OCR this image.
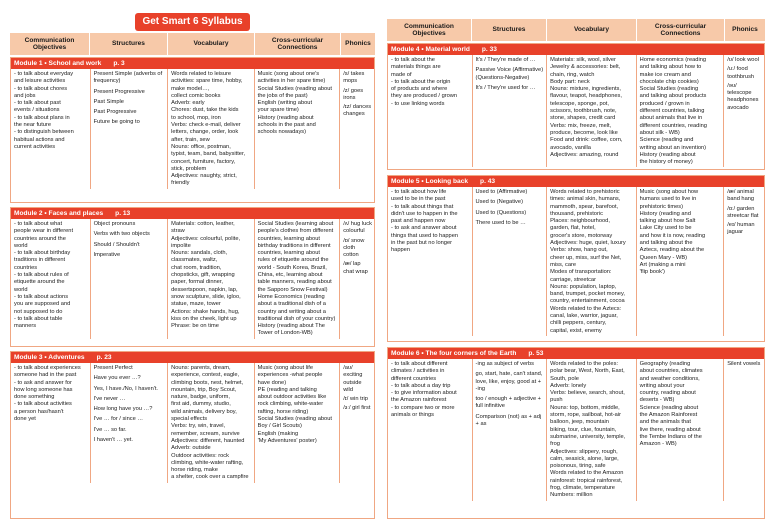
Get Smart 6 Syllabus
Communication Objectives
Structures	Vocabulary
Cross-curricular Connections
Phonics
Module 1 • School and work p. 3
- to talk about everyday
and leisure activities
- to talk about chores
and jobs
- to talk about past
events / situations
- to talk about plans in
the near future
- to distinguish between
habitual actions and
current activities
Present Simple (adverbs of frequency)
Present Progressive
Past Simple
Past Progressive
Future be going to
Words related to leisure activities: spare time, hobby, make model…,
collect comic books
Adverb: early
Chores: dust, take the kids
to school, mop, iron
Verbs: check e-mail, deliver
letters, change, order, look
after, train, sew
Nouns: office, postman,
typist, team, band, babysitter,
concert, furniture, factory,
stick, problem
Adjectives: naughty, strict,
friendly
Music (song about one's
activities in her spare time)
Social Studies (reading about
the jobs of the past)
English (writing about
your spare time)
History (reading about
schools in the past and
schools nowadays)
/s/ takes mops
/z/ goes irons
/ɪz/ dances changes
Module 2 • Faces and places p. 13
- to talk about what
people wear in different
countries around the
world
- to talk about birthday
traditions in different
countries
- to talk about rules of
etiquette around the
world
- to talk about actions
you are supposed and
not supposed to do
- to talk about table
manners
Object pronouns
Verbs with two objects
Should / Shouldn't
Imperative
Materials: cotton, leather,
straw
Adjectives: colourful, polite,
impolite
Nouns: sandals, cloth,
classmates, waltz,
chat room, tradition,
chopsticks, gift, wrapping
paper, formal dinner,
dessertspoon, napkin, lap,
snow sculpture, slide, igloo,
statue, maze, tower
Actions: shake hands, hug,
kiss on the cheek, light up
Phrase: be on time
Social Studies (learning about
people's clothes from different
countries, learning about
birthday traditions in different
countries, learning about
rules of etiquette around the
world - South Korea, Brazil,
China, etc, learning about
table manners, reading about
the Sapporo Snow Festival)
Home Economics (reading
about a traditional dish of a
country and writing about a
traditional dish of your country)
History (reading about The
Tower of London-WB)
/ʌ/ hug luck colourful
/ɒ/ snow cloth cotton
/æ/ lap chat wrap
Module 3 • Adventures p. 23
- to talk about experiences
someone had in the past
- to ask and answer for
how long someone has
done something
- to talk about activities
a person has/hasn't
done yet
Present Perfect
Have you ever …?
Yes, I have./No, I haven't.
I've never …
How long have you …?
I've … for / since …
I've … so far.
I haven't … yet.
Nouns: parents, dream,
experience, contest, eagle,
climbing boots, nest, helmet,
mountain, trip, Boy Scout,
nature, badge, uniform,
first aid, dummy, studio,
wild animals, delivery boy,
special effects
Verbs: try, win, travel,
remember, scream, survive
Adjectives: different, haunted
Adverb: outside
Outdoor activities: rock
climbing, white-water rafting,
horse riding, make
a shelter, cook over a campfire
Music (song about life
experiences -what people
have done)
PE (reading and talking
about outdoor activities like
rock climbing, white-water
rafting, horse riding)
Social Studies (reading about
Boy / Girl Scouts)
English (making
'My Adventures' poster)
/aʊ/ exciting outside wild
/ɪ/ win trip
/ɜː/ girl first
Communication Objectives
Structures	Vocabulary
Cross-curricular Connections
Phonics
Module 4 • Material world p. 33
- to talk about the
materials things are
made of
- to talk about the origin
of products and where
they are produced / grown
- to use linking words
It's / They're made of …
Passive Voice (Affirmative) (Questions-Negative)
It's / They're used for …
Materials: silk, wool, silver
Jewelry & accessories: belt,
chain, ring, watch
Body part: neck
Nouns: mixture, ingredients,
flavour, teapot, headphones,
telescope, sponge, pot,
scissors, toothbrush, note,
stone, shapes, credit card
Verbs: mix, freeze, melt,
produce, become, look like
Food and drink: coffee, corn,
avocado, vanilla
Adjectives: amazing, round
Home economics (reading
and talking about how to
make ice cream and
chocolate chip cookies)
Social Studies (reading
and talking about products
produced / grown in
different countries, talking
about animals that live in
different countries, reading
about silk - WB)
Science (reading and
writing about an invention)
History (reading about
the history of money)
/ʊ/ look wool
/uː/ food toothbrush
/əʊ/ telescope headphones avocado
Module 5 • Looking back p. 43
- to talk about how life
used to be in the past
- to talk about things that
didn't use to happen in the
past and happen now
- to ask and answer about
things that used to happen
in the past but no longer
happen
Used to (Affirmative)
Used to (Negative)
Used to (Questions)
There used to be …
Words related to prehistoric
times: animal skin, humans,
mammoth, spear, barefoot,
thousand, prehistoric
Places: neighbourhood,
garden, flat, hotel,
grocer's store, motorway
Adjectives: huge, quiet, luxury
Verbs: show, hang out,
cheer up, miss, surf the Net,
miss, care
Modes of transportation:
carriage, streetcar
Nouns: population, laptop,
band, trumpet, pocket money,
country, entertainment, cocoa
Words related to the Aztecs:
canal, lake, warrior, jaguar,
chilli peppers, century,
capital, exist, enemy
Music (song about how
humans used to live in
prehistoric times)
History (reading and
talking about how Salt
Lake City used to be
and how it is now, reading
and talking about the
Aztecs, reading about the
Queen Mary - WB)
Art (making a mini
'flip book')
/æ/ animal band hang
/ɑː/ garden streetcar flat
/eɪ/ human jaguar
Module 6 • The four corners of the Earth p. 53
- to talk about different
climates / activities in
different countries
- to talk about a day trip
- to give information about
the Amazon rainforest
- to compare two or more
animals or things
-ing as subject of verbs
go, start, hate, can't stand, love, like, enjoy, good at + -ing
too / enough + adjective + full infinitive
Comparison (not) as + adj + as
Words related to the poles:
polar bear, West, North, East,
South, pole
Adverb: lonely
Verbs: believe, search, shout, push
Nouns: top, bottom, middle,
storm, rope, sailboat, hot-air
balloon, jeep, mountain
biking, tour, clue, fountain,
submarine, university, temple,
frog
Adjectives: slippery, rough,
calm, seasick, alone, large,
poisonous, tiring, safe
Words related to the Amazon
rainforest: tropical rainforest,
frog, climate, temperature
Numbers: million
Geography (reading
about countries, climates
and weather conditions,
writing about your
country, reading about
deserts - WB)
Science (reading about
the Amazon Rainforest
and the animals that
live there, reading about
the Tembe Indians of the
Amazon - WB)
Silent vowels
